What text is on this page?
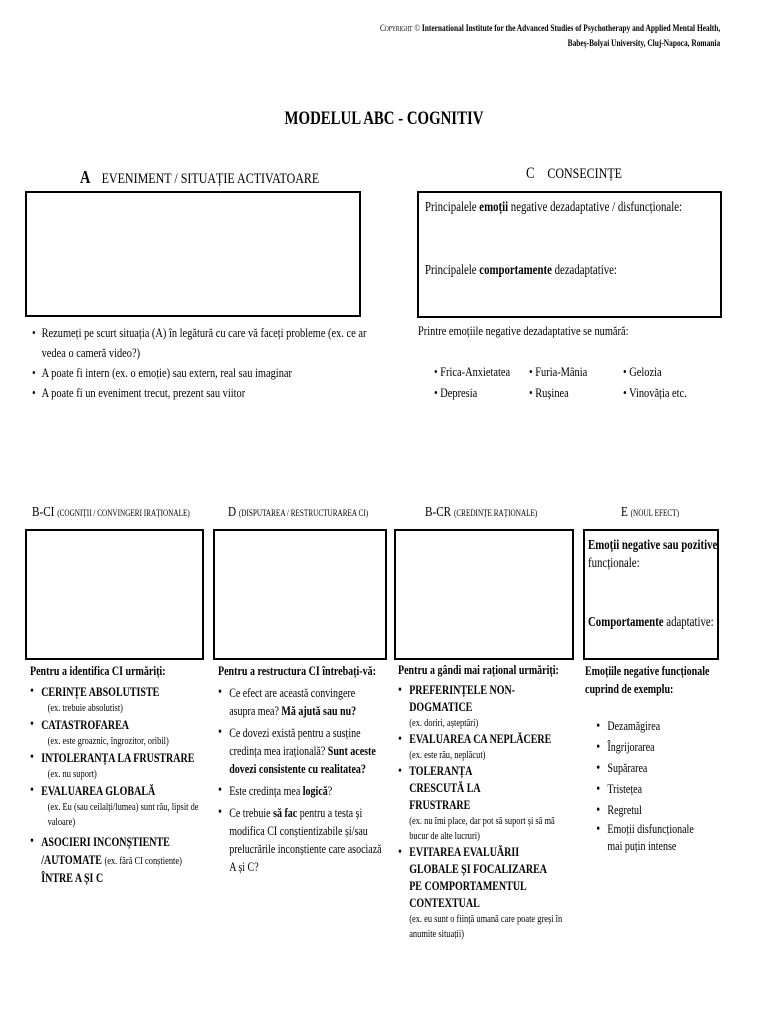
Copyright © International Institute for the Advanced Studies of Psychotherapy and Applied Mental Health,
Babeș-Bolyai University, Cluj-Napoca, Romania
MODELUL ABC - COGNITIV
A EVENIMENT / SITUAȚIE ACTIVATOARE	C CONSECINȚE
Principalele emoții negative dezadaptative / disfuncționale:
Principalele comportamente dezadaptative:
• Rezumeți pe scurt situația (A) în legătură cu care vă faceți probleme (ex. ce ar vedea o cameră video?)
• A poate fi intern (ex. o emoție) sau extern, real sau imaginar
• A poate fi un eveniment trecut, prezent sau viitor
Printre emoțiile negative dezadaptative se numără:
• Frica-Anxietatea • Furia-Mânia	• Gelozia
• Depresia	• Rușinea	• Vinovăția etc.
B-CI (COGNIȚII / CONVINGERI IRAȚIONALE)	D (DISPUTAREA / RESTRUCTURAREA CI)	B-CR (CREDINȚE RAȚIONALE)	E (NOUL EFECT)
Emoții negative sau pozitive
funcționale:
Comportamente adaptative:
Pentru a identifica CI urmăriți:
• CERINȚE ABSOLUTISTE
(ex. trebuie absolutist)
• CATASTROFAREA
(ex. este groaznic, îngrozitor, oribil)
• INTOLERANȚA LA FRUSTRARE
(ex. nu suport)
• EVALUAREA GLOBALĂ
(ex. Eu (sau ceilalți/lumea) sunt rău, lipsit de valoare)
• ASOCIERI INCONȘTIENTE /AUTOMATE (ex. fără CI conștiente)
ÎNTRE A ȘI C
Pentru a restructura CI întrebați-vă:
• Ce efect are această convingere asupra mea? Mă ajută sau nu?
• Ce dovezi există pentru a susține credința mea irațională? Sunt aceste dovezi consistente cu realitatea?
• Este credința mea logică?
• Ce trebuie să fac pentru a testa și modifica CI conștientizabile și/sau prelucrările inconștiente care asociază A și C?
Pentru a gândi mai rațional urmăriți:
• PREFERINȚELE NON-DOGMATICE
(ex. doriri, așteptări)
• EVALUAREA CA NEPLĂCERE
(ex. este rău, neplăcut)
• TOLERANȚA CRESCUTĂ LA FRUSTRARE
(ex. nu îmi place, dar pot să suport și să mă bucur de alte lucruri)
• EVITAREA EVALUĂRII GLOBALE ȘI FOCALIZAREA PE COMPORTAMENTUL CONTEXTUAL
(ex. eu sunt o ființă umană care poate greși în anumite situații)
Emoțiile negative funcționale cuprind de exemplu:
• Dezamăgirea
• Îngrijorarea
• Supărarea
• Tristețea
• Regretul
• Emoții disfuncționale mai puțin intense
